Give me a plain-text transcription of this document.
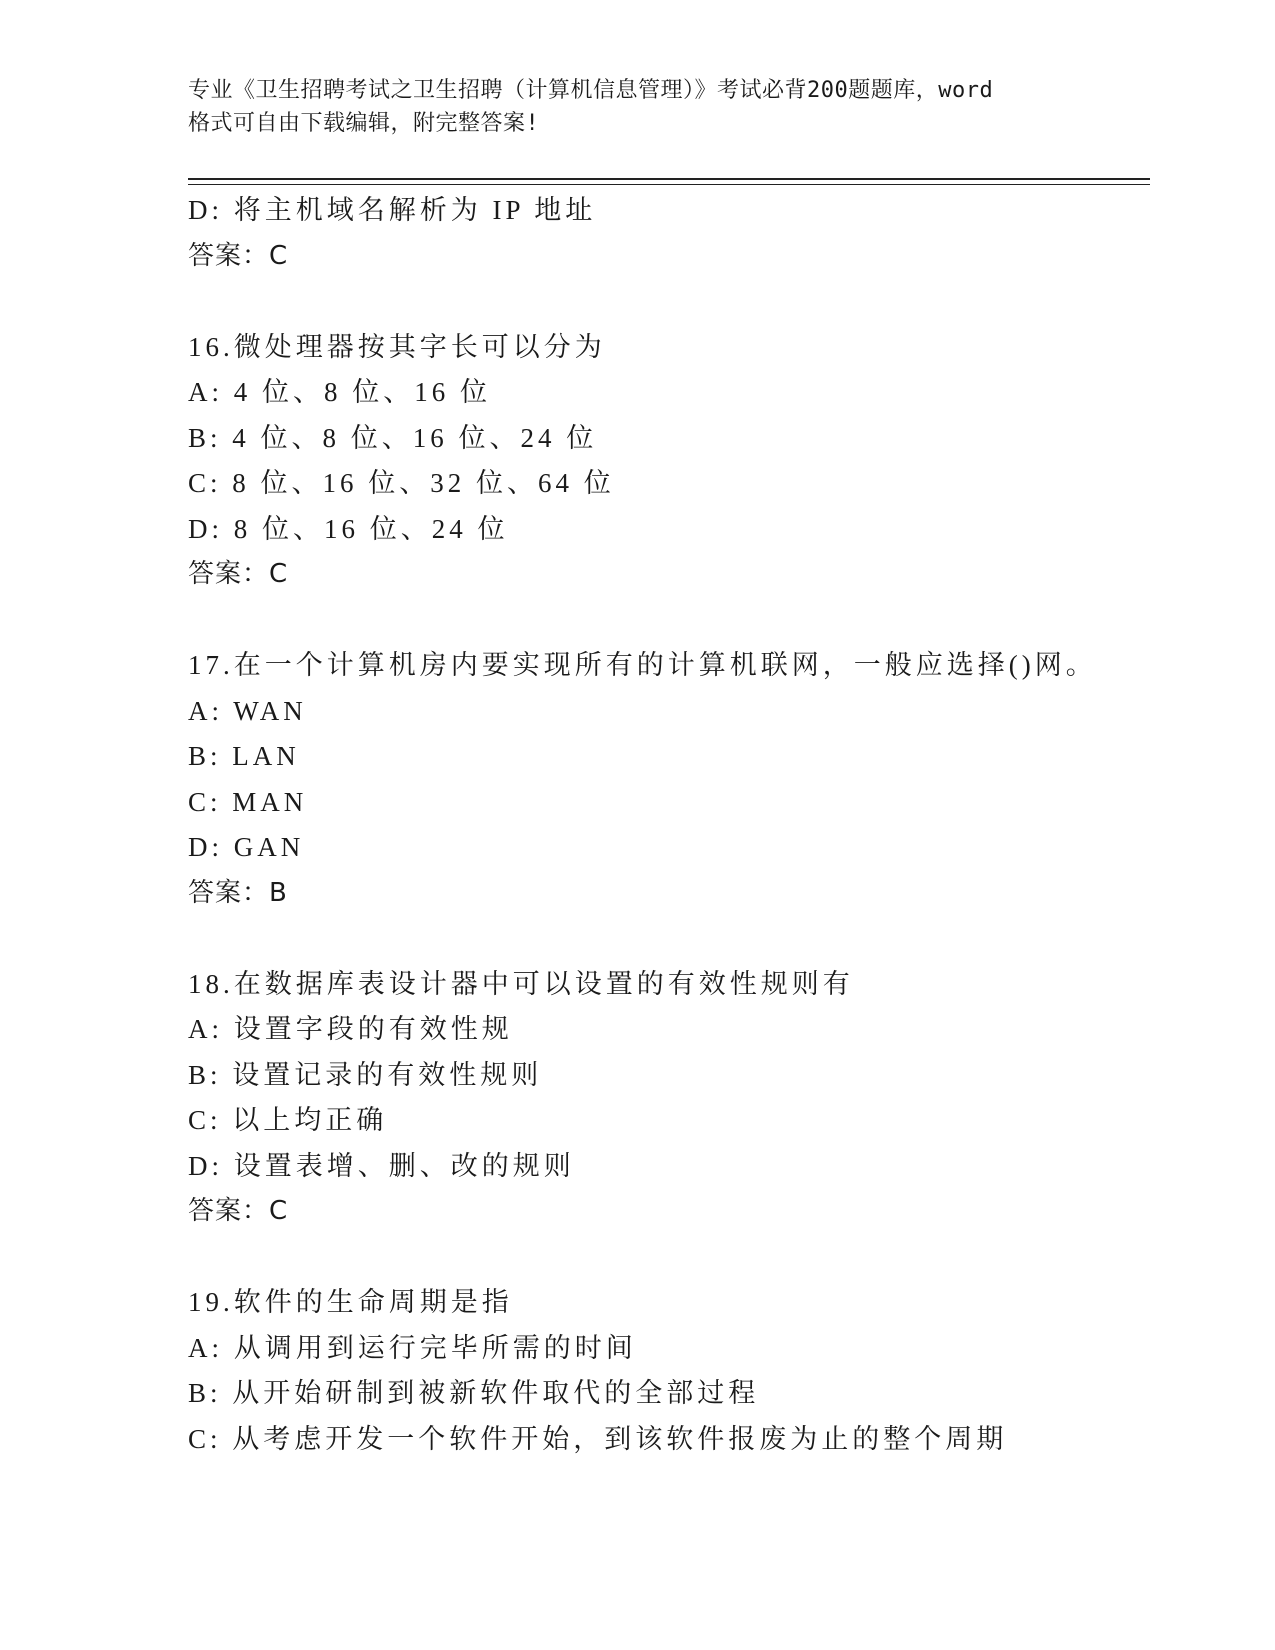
专业《卫生招聘考试之卫生招聘（计算机信息管理）》考试必背200题题库，word
格式可自由下载编辑，附完整答案!
D: 将主机域名解析为 IP 地址
答案：C
16.微处理器按其字长可以分为
A: 4 位、8 位、16 位
B: 4 位、8 位、16 位、24 位
C: 8 位、16 位、32 位、64 位
D: 8 位、16 位、24 位
答案：C
17.在一个计算机房内要实现所有的计算机联网，一般应选择()网。
A: WAN
B: LAN
C: MAN
D: GAN
答案：B
18.在数据库表设计器中可以设置的有效性规则有
A: 设置字段的有效性规
B: 设置记录的有效性规则
C: 以上均正确
D: 设置表增、删、改的规则
答案：C
19.软件的生命周期是指
A: 从调用到运行完毕所需的时间
B: 从开始研制到被新软件取代的全部过程
C: 从考虑开发一个软件开始，到该软件报废为止的整个周期
